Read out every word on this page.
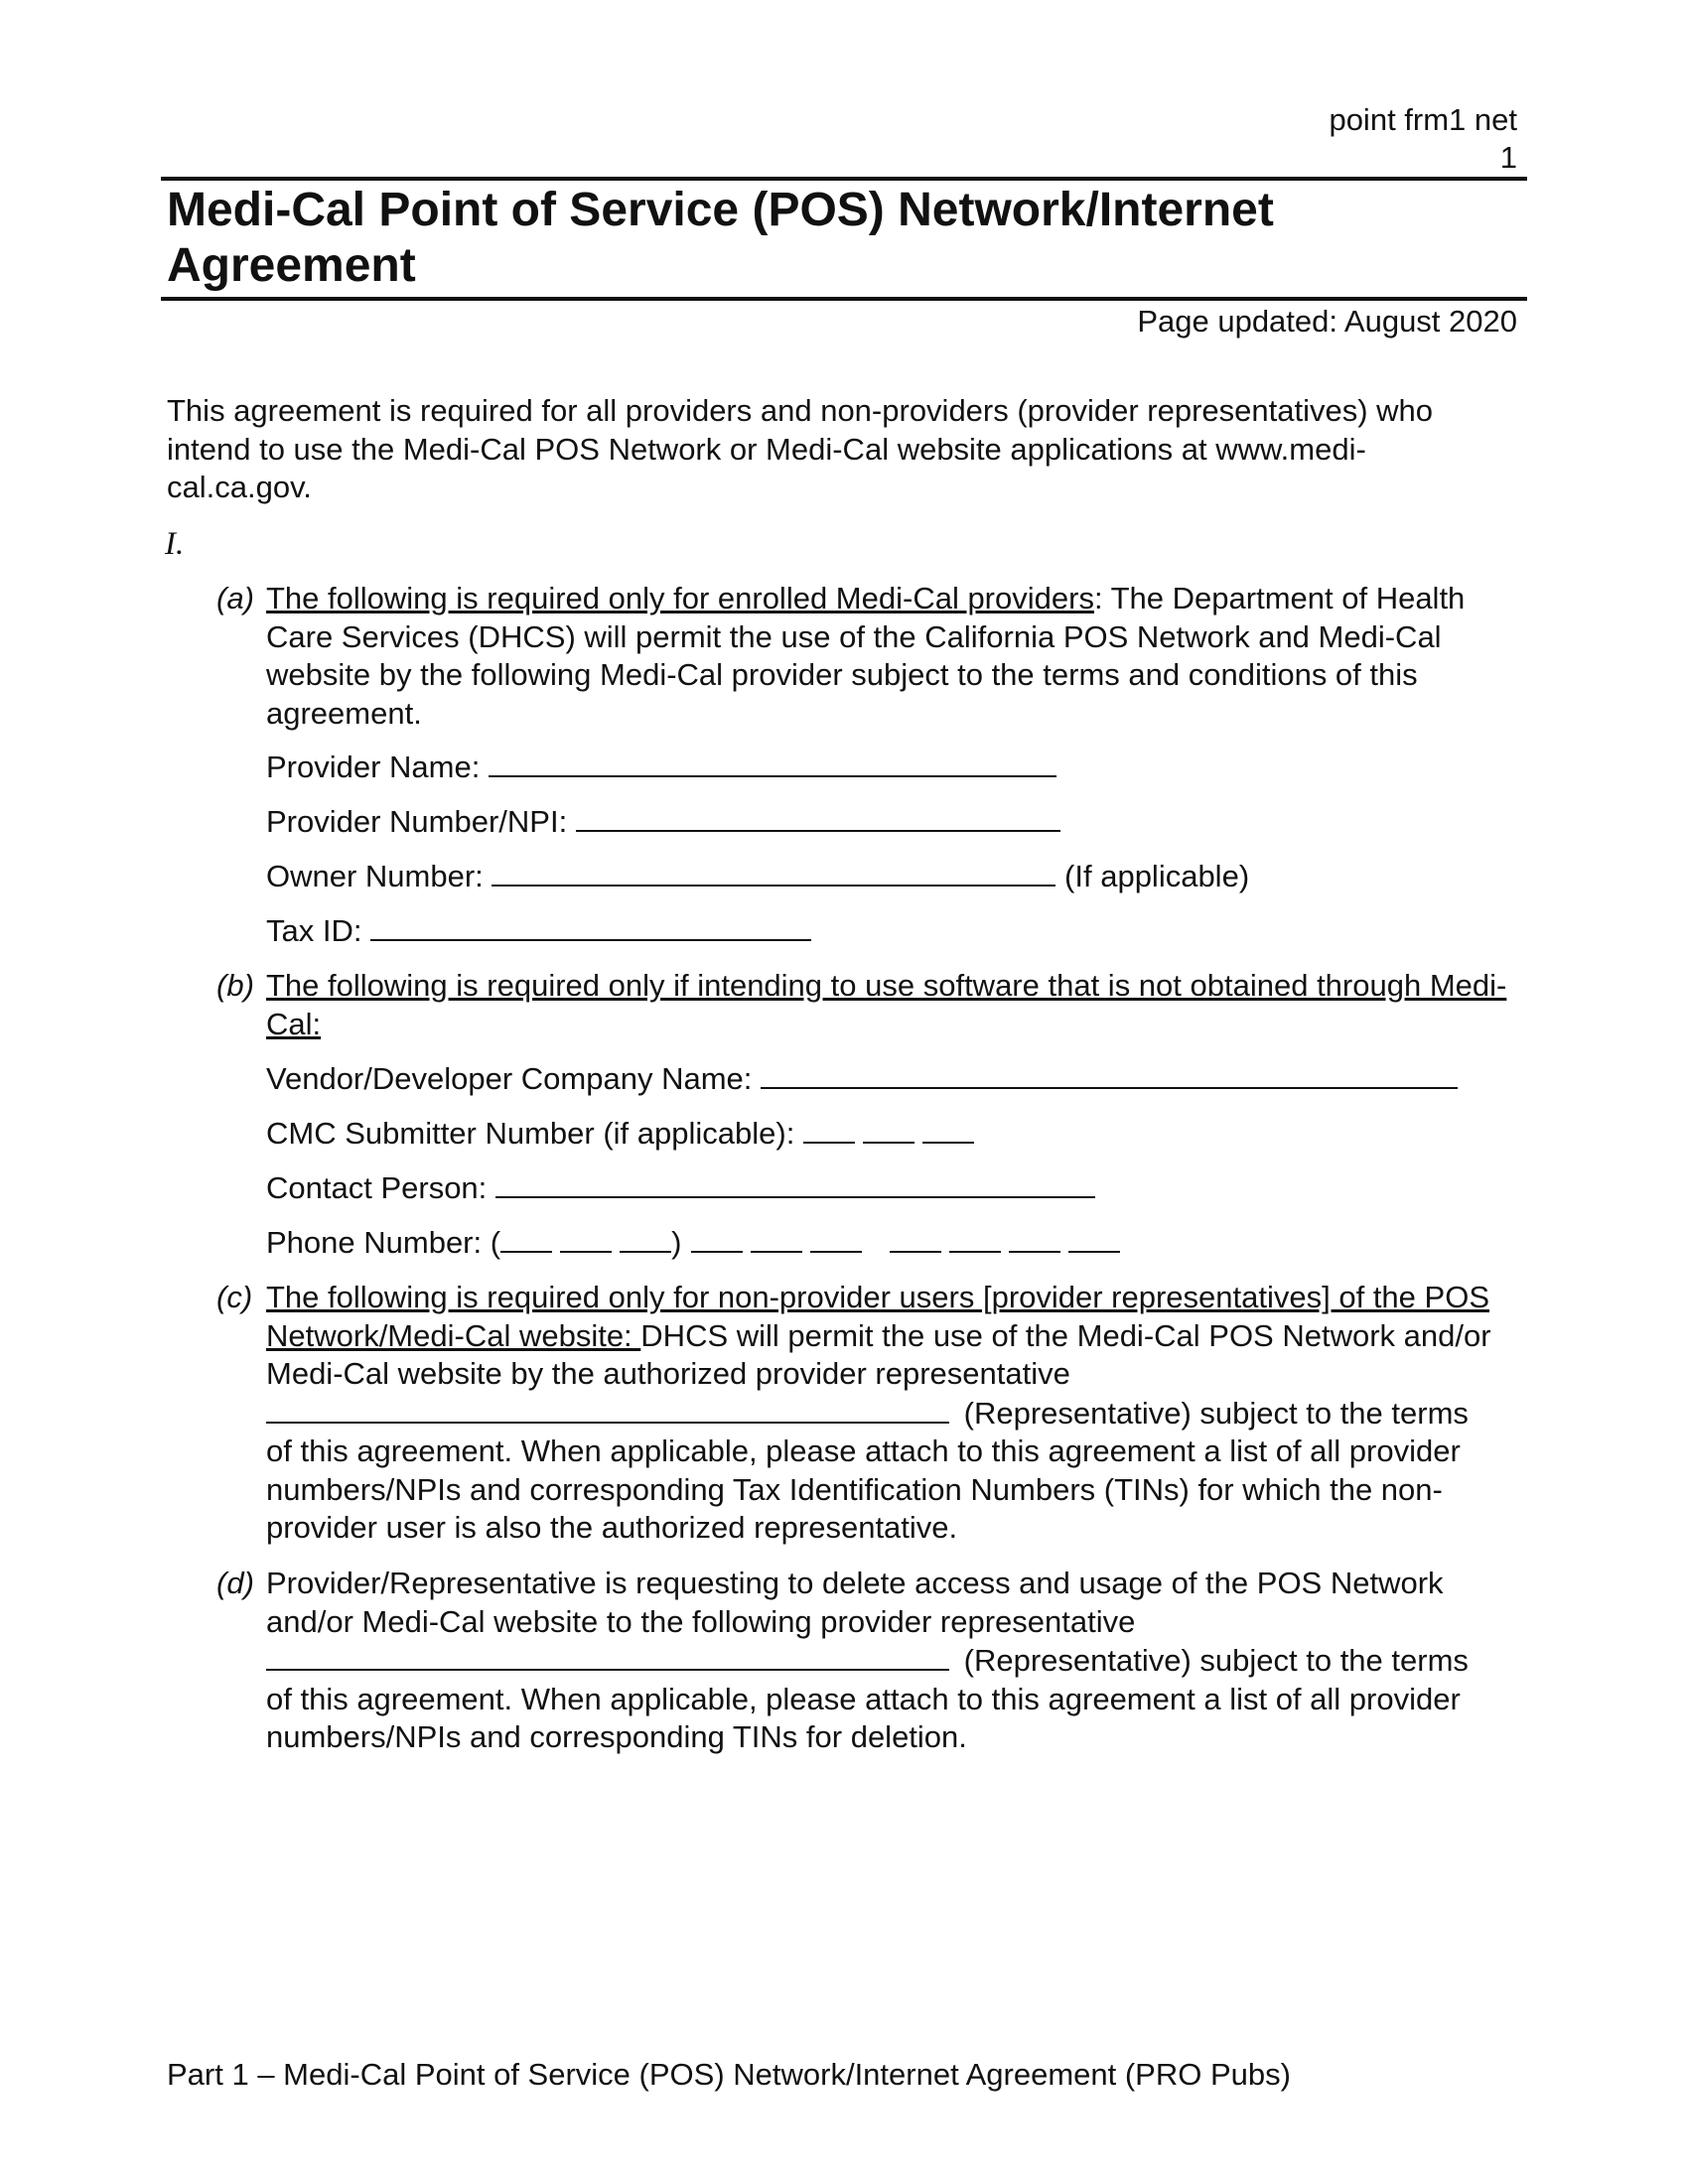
point frm1 net
1
Medi-Cal Point of Service (POS) Network/Internet Agreement
Page updated: August 2020
This agreement is required for all providers and non-providers (provider representatives) who intend to use the Medi-Cal POS Network or Medi-Cal website applications at www.medi-cal.ca.gov.
I.
(a) The following is required only for enrolled Medi-Cal providers: The Department of Health Care Services (DHCS) will permit the use of the California POS Network and Medi-Cal website by the following Medi-Cal provider subject to the terms and conditions of this agreement.
Provider Name:
Provider Number/NPI:
Owner Number:	(If applicable)
Tax ID:
(b) The following is required only if intending to use software that is not obtained through Medi-Cal:
Vendor/Developer Company Name:
CMC Submitter Number (if applicable):
Contact Person:
Phone Number: (	)
(c) The following is required only for non-provider users [provider representatives] of the POS Network/Medi-Cal website: DHCS will permit the use of the Medi-Cal POS Network and/or Medi-Cal website by the authorized provider representative
(Representative) subject to the terms
of this agreement. When applicable, please attach to this agreement a list of all provider numbers/NPIs and corresponding Tax Identification Numbers (TINs) for which the non-provider user is also the authorized representative.
(d) Provider/Representative is requesting to delete access and usage of the POS Network and/or Medi-Cal website to the following provider representative
(Representative) subject to the terms
of this agreement. When applicable, please attach to this agreement a list of all provider numbers/NPIs and corresponding TINs for deletion.
Part 1 – Medi-Cal Point of Service (POS) Network/Internet Agreement (PRO Pubs)
